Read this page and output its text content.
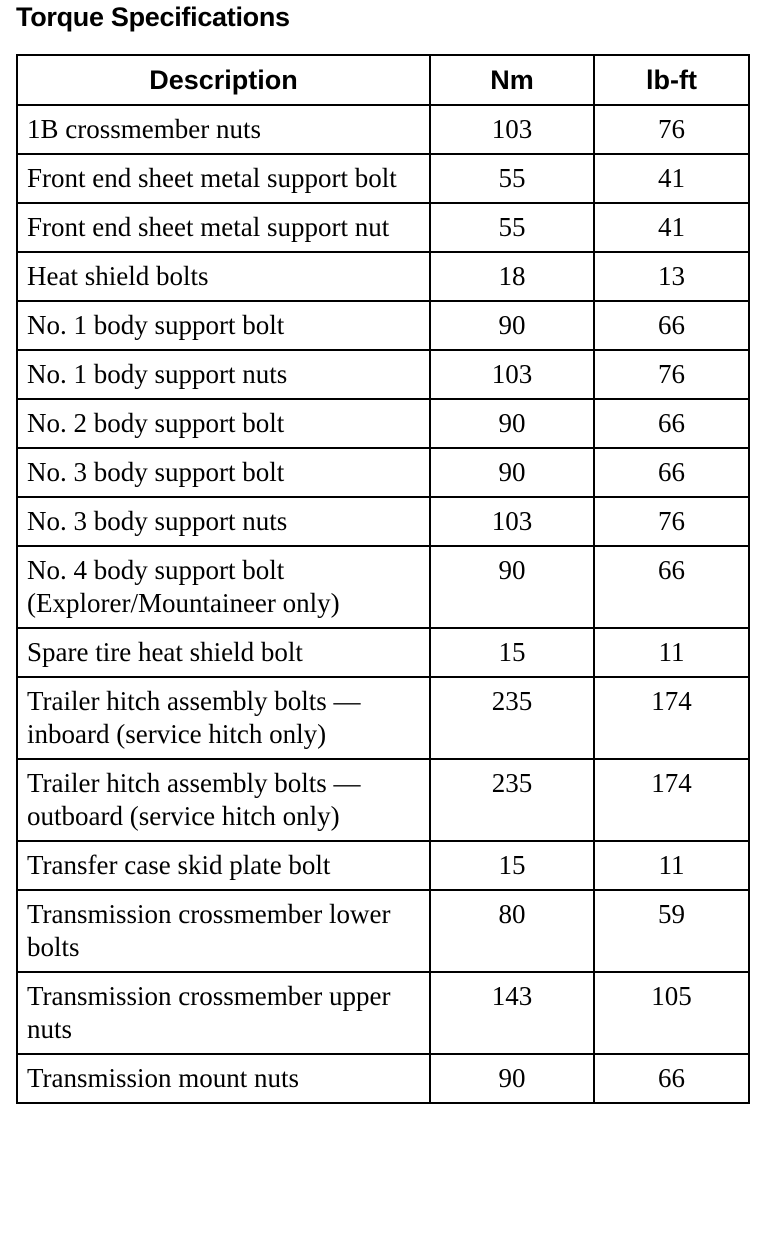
Torque Specifications
Description	Nm	lb-ft
1B crossmember nuts	103	76
Front end sheet metal support bolt	55	41
Front end sheet metal support nut	55	41
Heat shield bolts	18	13
No. 1 body support bolt	90	66
No. 1 body support nuts	103	76
No. 2 body support bolt	90	66
No. 3 body support bolt	90	66
No. 3 body support nuts	103	76
No. 4 body support bolt (Explorer/Mountaineer only)	90	66
Spare tire heat shield bolt	15	11
Trailer hitch assembly bolts — inboard (service hitch only)	235	174
Trailer hitch assembly bolts — outboard (service hitch only)	235	174
Transfer case skid plate bolt	15	11
Transmission crossmember lower bolts	80	59
Transmission crossmember upper nuts	143	105
Transmission mount nuts	90	66
